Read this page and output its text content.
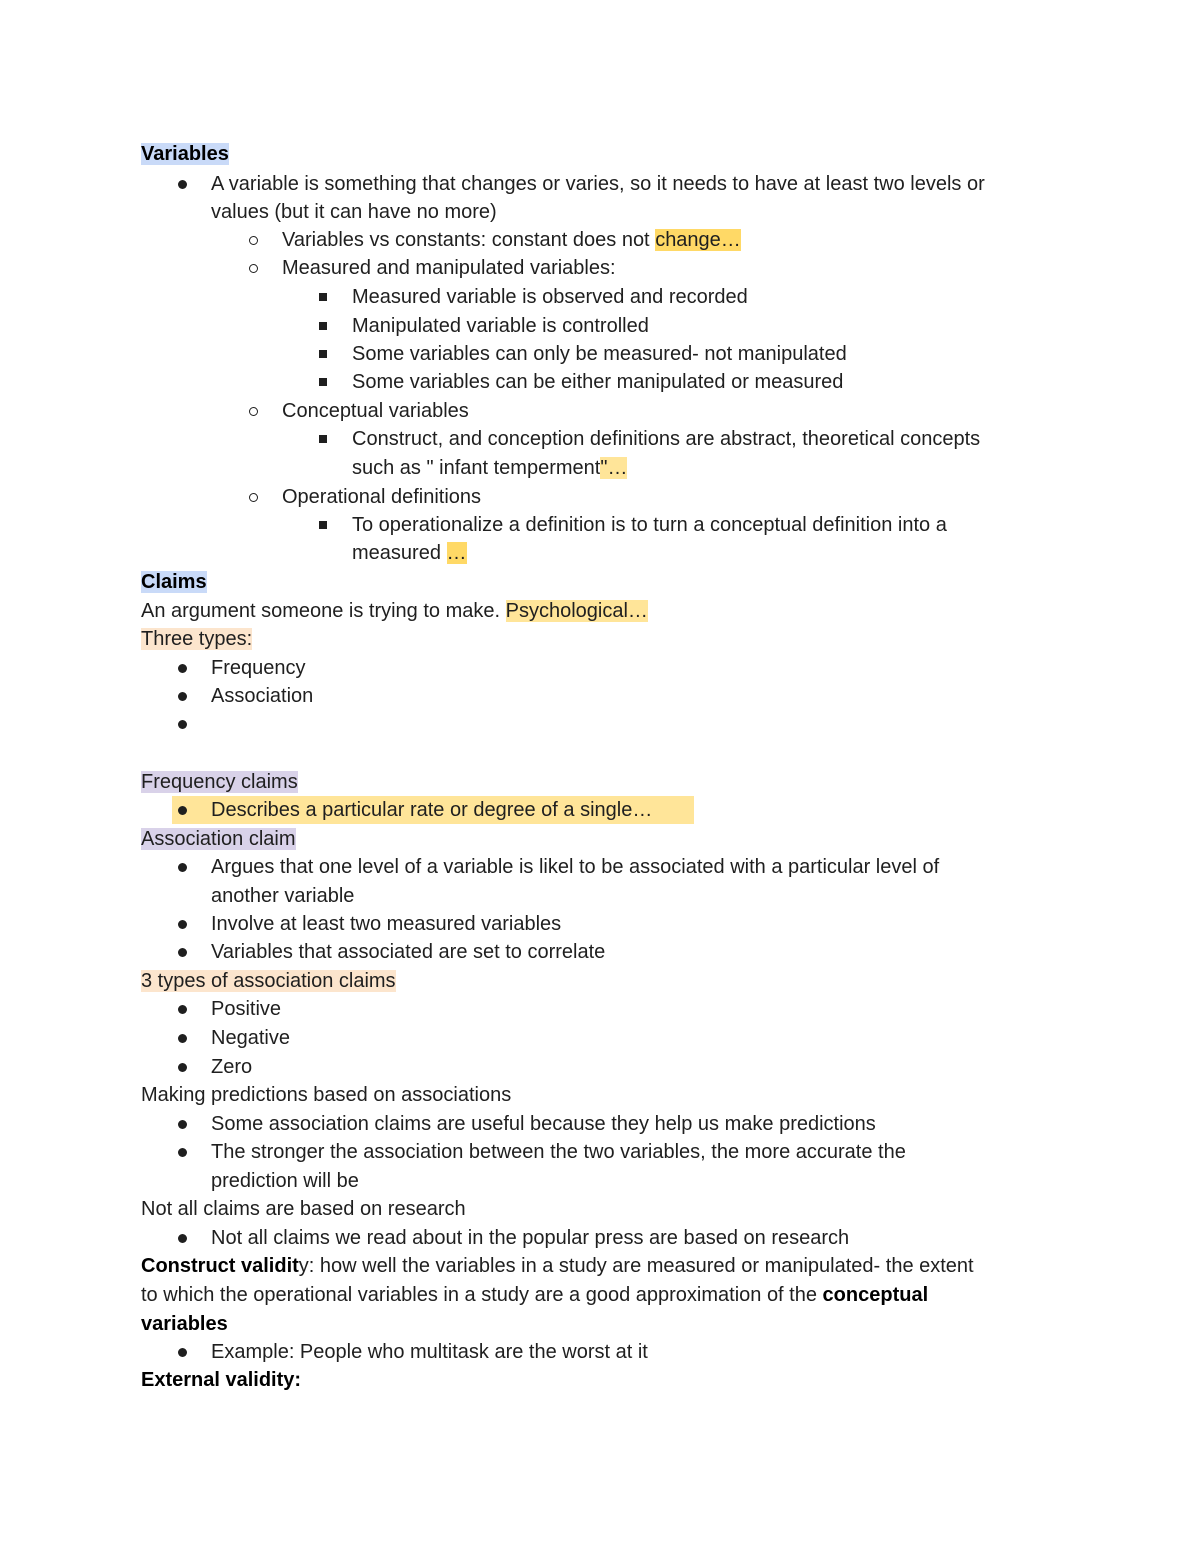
Variables
A variable is something that changes or varies, so it needs to have at least two levels or
values (but it can have no more)
Variables vs constants: constant does not change…
Measured and manipulated variables:
Measured variable is observed and recorded
Manipulated variable is controlled
Some variables can only be measured- not manipulated
Some variables can be either manipulated or measured
Conceptual variables
Construct, and conception definitions are abstract, theoretical concepts
such as " infant temperment"…
Operational definitions
To operationalize a definition is to turn a conceptual definition into a
measured …
Claims
An argument someone is trying to make. Psychological…
Three types:
Frequency
Association
Frequency claims
Describes a particular rate or degree of a single…
Association claim
Argues that one level of a variable is likel to be associated with a particular level of
another variable
Involve at least two measured variables
Variables that associated are set to correlate
3 types of association claims
Positive
Negative
Zero
Making predictions based on associations
Some association claims are useful because they help us make predictions
The stronger the association between the two variables, the more accurate the
prediction will be
Not all claims are based on research
Not all claims we read about in the popular press are based on research
Construct validity: how well the variables in a study are measured or manipulated- the extent
to which the operational variables in a study are a good approximation of the conceptual
variables
Example: People who multitask are the worst at it
External validity:
